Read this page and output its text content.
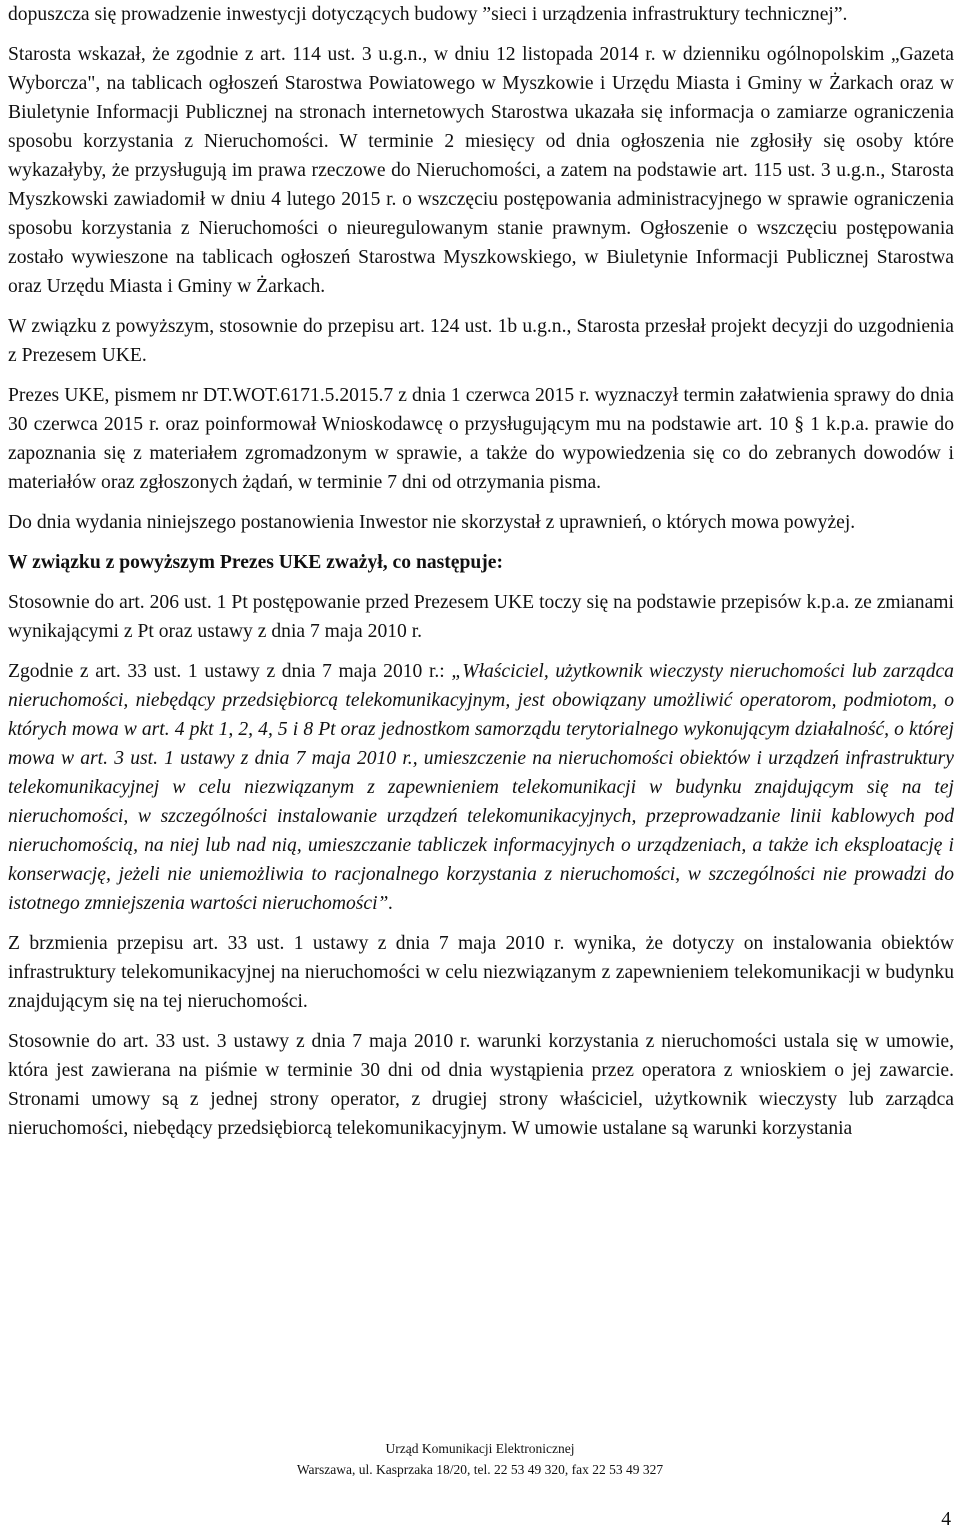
dopuszcza się prowadzenie inwestycji dotyczących budowy ”sieci i urządzenia infrastruktury technicznej”.

Starosta wskazał, że zgodnie z art. 114 ust. 3 u.g.n., w dniu 12 listopada 2014 r. w dzienniku ogólnopolskim „Gazeta Wyborcza", na tablicach ogłoszeń Starostwa Powiatowego w Myszkowie i Urzędu Miasta i Gminy w Żarkach oraz w Biuletynie Informacji Publicznej na stronach internetowych Starostwa ukazała się informacja o zamiarze ograniczenia sposobu korzystania z Nieruchomości. W terminie 2 miesięcy od dnia ogłoszenia nie zgłosiły się osoby które wykazałyby, że przysługują im prawa rzeczowe do Nieruchomości, a zatem na podstawie art. 115 ust. 3 u.g.n., Starosta Myszkowski zawiadomił w dniu 4 lutego 2015 r. o wszczęciu postępowania administracyjnego w sprawie ograniczenia sposobu korzystania z Nieruchomości o nieuregulowanym stanie prawnym. Ogłoszenie o wszczęciu postępowania zostało wywieszone na tablicach ogłoszeń Starostwa Myszkowskiego, w Biuletynie Informacji Publicznej Starostwa oraz Urzędu Miasta i Gminy w Żarkach.

W związku z powyższym, stosownie do przepisu art. 124 ust. 1b u.g.n., Starosta przesłał projekt decyzji do uzgodnienia z Prezesem UKE.

Prezes UKE, pismem nr DT.WOT.6171.5.2015.7 z dnia 1 czerwca 2015 r. wyznaczył termin załatwienia sprawy do dnia 30 czerwca 2015 r. oraz poinformował Wnioskodawcę o przysługującym mu na podstawie art. 10 § 1 k.p.a. prawie do zapoznania się z materiałem zgromadzonym w sprawie, a także do wypowiedzenia się co do zebranych dowodów i materiałów oraz zgłoszonych żądań, w terminie 7 dni od otrzymania pisma.

Do dnia wydania niniejszego postanowienia Inwestor nie skorzystał z uprawnień, o których mowa powyżej.

W związku z powyższym Prezes UKE zważył, co następuje:

Stosownie do art. 206 ust. 1 Pt postępowanie przed Prezesem UKE toczy się na podstawie przepisów k.p.a. ze zmianami wynikającymi z Pt oraz ustawy z dnia 7 maja 2010 r.

Zgodnie z art. 33 ust. 1 ustawy z dnia 7 maja 2010 r.: „Właściciel, użytkownik wieczysty nieruchomości lub zarządca nieruchomości, niebędący przedsiębiorcą telekomunikacyjnym, jest obowiązany umożliwić operatorom, podmiotom, o których mowa w art. 4 pkt 1, 2, 4, 5 i 8 Pt oraz jednostkom samorządu terytorialnego wykonującym działalność, o której mowa w art. 3 ust. 1 ustawy z dnia 7 maja 2010 r., umieszczenie na nieruchomości obiektów i urządzeń infrastruktury telekomunikacyjnej w celu niezwiązanym z zapewnieniem telekomunikacji w budynku znajdującym się na tej nieruchomości, w szczególności instalowanie urządzeń telekomunikacyjnych, przeprowadzanie linii kablowych pod nieruchomością, na niej lub nad nią, umieszczanie tabliczek informacyjnych o urządzeniach, a także ich eksploatację i konserwację, jeżeli nie uniemożliwia to racjonalnego korzystania z nieruchomości, w szczególności nie prowadzi do istotnego zmniejszenia wartości nieruchomości”.

Z brzmienia przepisu art. 33 ust. 1 ustawy z dnia 7 maja 2010 r. wynika, że dotyczy on instalowania obiektów infrastruktury telekomunikacyjnej na nieruchomości w celu niezwiązanym z zapewnieniem telekomunikacji w budynku znajdującym się na tej nieruchomości.

Stosownie do art. 33 ust. 3 ustawy z dnia 7 maja 2010 r. warunki korzystania z nieruchomości ustala się w umowie, która jest zawierana na piśmie w terminie 30 dni od dnia wystąpienia przez operatora z wnioskiem o jej zawarcie. Stronami umowy są z jednej strony operator, z drugiej strony właściciel, użytkownik wieczysty lub zarządca nieruchomości, niebędący przedsiębiorcą telekomunikacyjnym. W umowie ustalane są warunki korzystania

Urząd Komunikacji Elektronicznej
Warszawa, ul. Kasprzaka 18/20, tel. 22 53 49 320, fax 22 53 49 327
4
